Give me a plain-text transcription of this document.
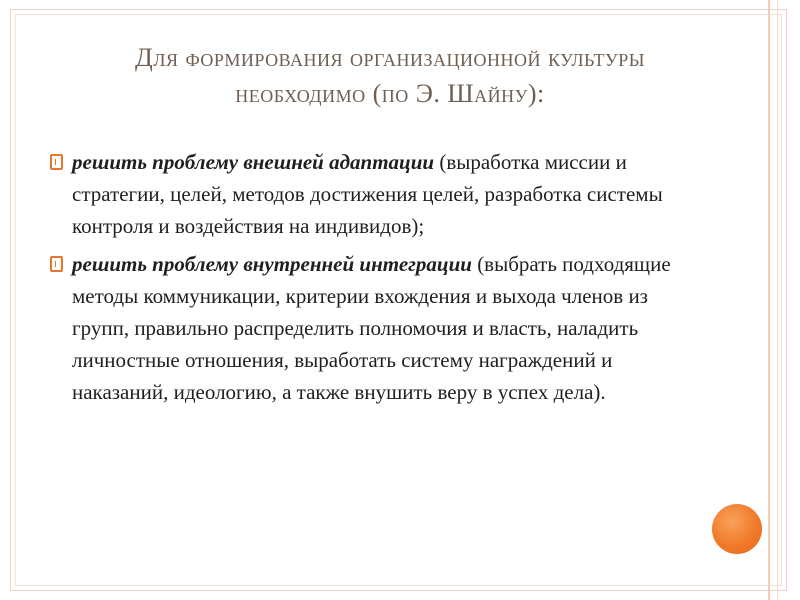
Для формирования организационной культуры
необходимо (по Э. Шайну):
решить проблему внешней адаптации (выработка миссии и стратегии, целей, методов достижения целей, разработка системы контроля и воздействия на индивидов);
решить проблему внутренней интеграции (выбрать подходящие методы коммуникации, критерии вхождения и выхода членов из групп, правильно распределить полномочия и власть, наладить личностные отношения, выработать систему награждений и наказаний, идеологию, а также внушить веру в успех дела).
